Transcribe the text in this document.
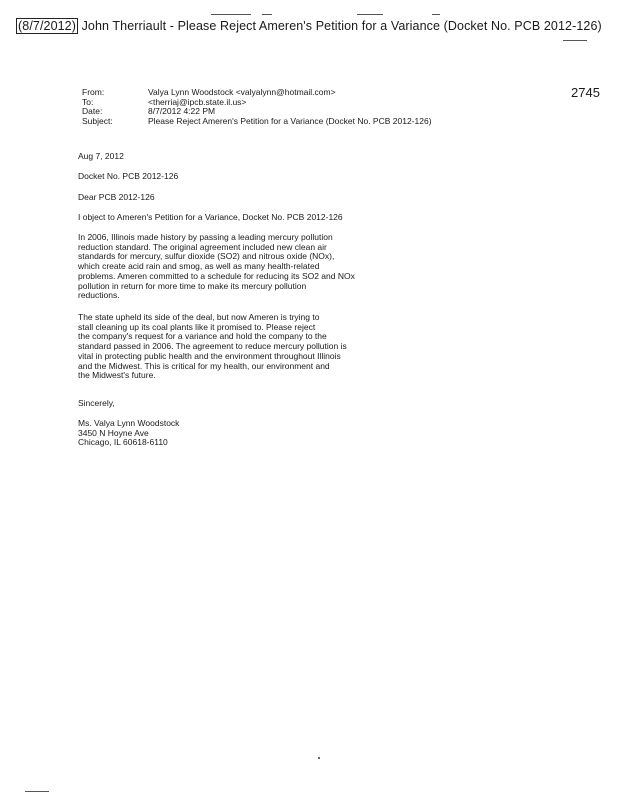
(8/7/2012) John Therriault - Please Reject Ameren's Petition for a Variance (Docket No. PCB 2012-126)
2745
From:	Valya Lynn Woodstock <valyalynn@hotmail.com>
To:	<therriaj@ipcb.state.il.us>
Date:	8/7/2012 4:22 PM
Subject:	Please Reject Ameren's Petition for a Variance (Docket No. PCB 2012-126)
Aug 7, 2012
Docket No. PCB 2012-126
Dear PCB 2012-126
I object to Ameren's Petition for a Variance, Docket No. PCB 2012-126

In 2006, Illinois made history by passing a leading mercury pollution

reduction standard. The original agreement included new clean air

standards for mercury, sulfur dioxide (SO2) and nitrous oxide (NOx),

which create acid rain and smog, as well as many health-related

problems. Ameren committed to a schedule for reducing its SO2 and NOx

pollution in return for more time to make its mercury pollution

reductions.

The state upheld its side of the deal, but now Ameren is trying to

stall cleaning up its coal plants like it promised to. Please reject

the company's request for a variance and hold the company to the

standard passed in 2006. The agreement to reduce mercury pollution is

vital in protecting public health and the environment throughout Illinois

and the Midwest. This is critical for my health, our environment and

the Midwest's future.

Sincerely,

Ms. Valya Lynn Woodstock

3450 N Hoyne Ave

Chicago, IL 60618-6110
